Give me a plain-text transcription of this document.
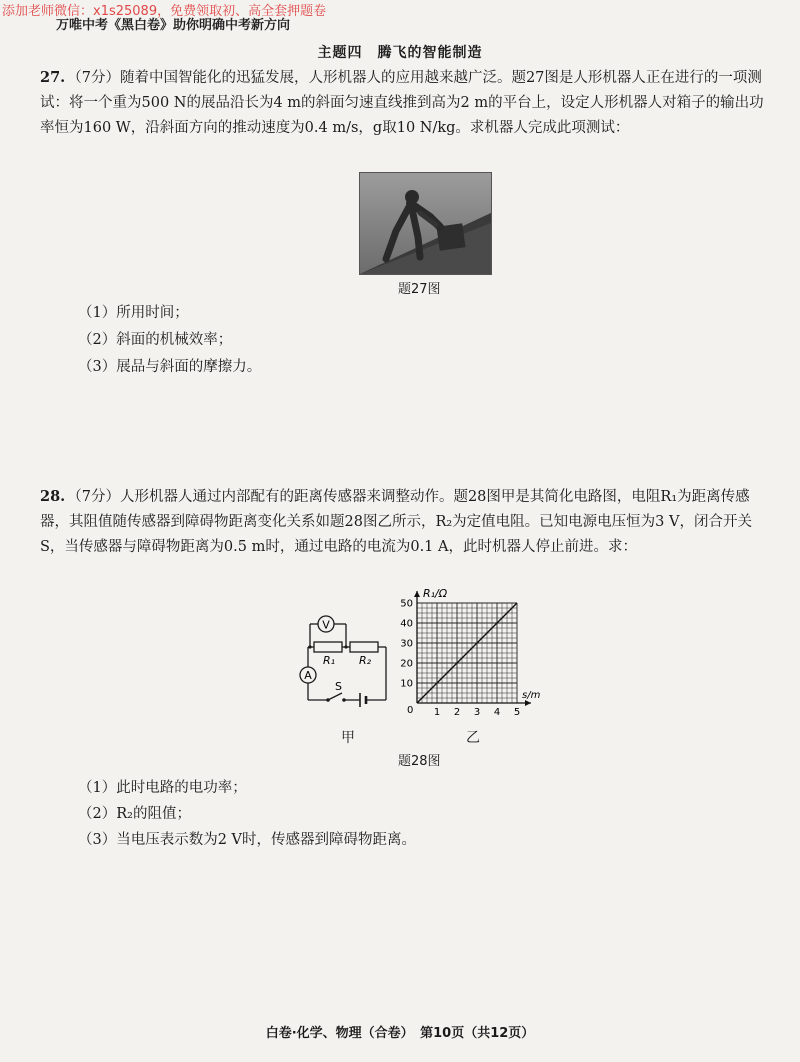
添加老师微信：x1s25089，免费领取初、高全套押题卷
万唯中考《黑白卷》助你明确中考新方向
主题四　腾飞的智能制造
27. （7分）随着中国智能化的迅猛发展，人形机器人的应用越来越广泛。题27图是人形机器人正在进行的一项测试：将一个重为500 N的展品沿长为4 m的斜面匀速直线推到高为2 m的平台上，设定人形机器人对箱子的输出功率恒为160 W，沿斜面方向的推动速度为0.4 m/s，g取10 N/kg。求机器人完成此项测试：
题27图
（1）所用时间；
（2）斜面的机械效率；
（3）展品与斜面的摩擦力。
28. （7分）人形机器人通过内部配有的距离传感器来调整动作。题28图甲是其简化电路图，电阻R₁为距离传感器，其阻值随传感器到障碍物距离变化关系如题28图乙所示，R₂为定值电阻。已知电源电压恒为3 V，闭合开关S，当传感器与障碍物距离为0.5 m时，通过电路的电流为0.1 A，此时机器人停止前进。求：
V
A
R₁ R₂
S
甲
1 2 3 4 5
10
20
30
40
50
R₁/Ω
s/m
0
乙
题28图
（1）此时电路的电功率；
（2）R₂的阻值；
（3）当电压表示数为2 V时，传感器到障碍物距离。
白卷·化学、物理（合卷）　第10页（共12页）
